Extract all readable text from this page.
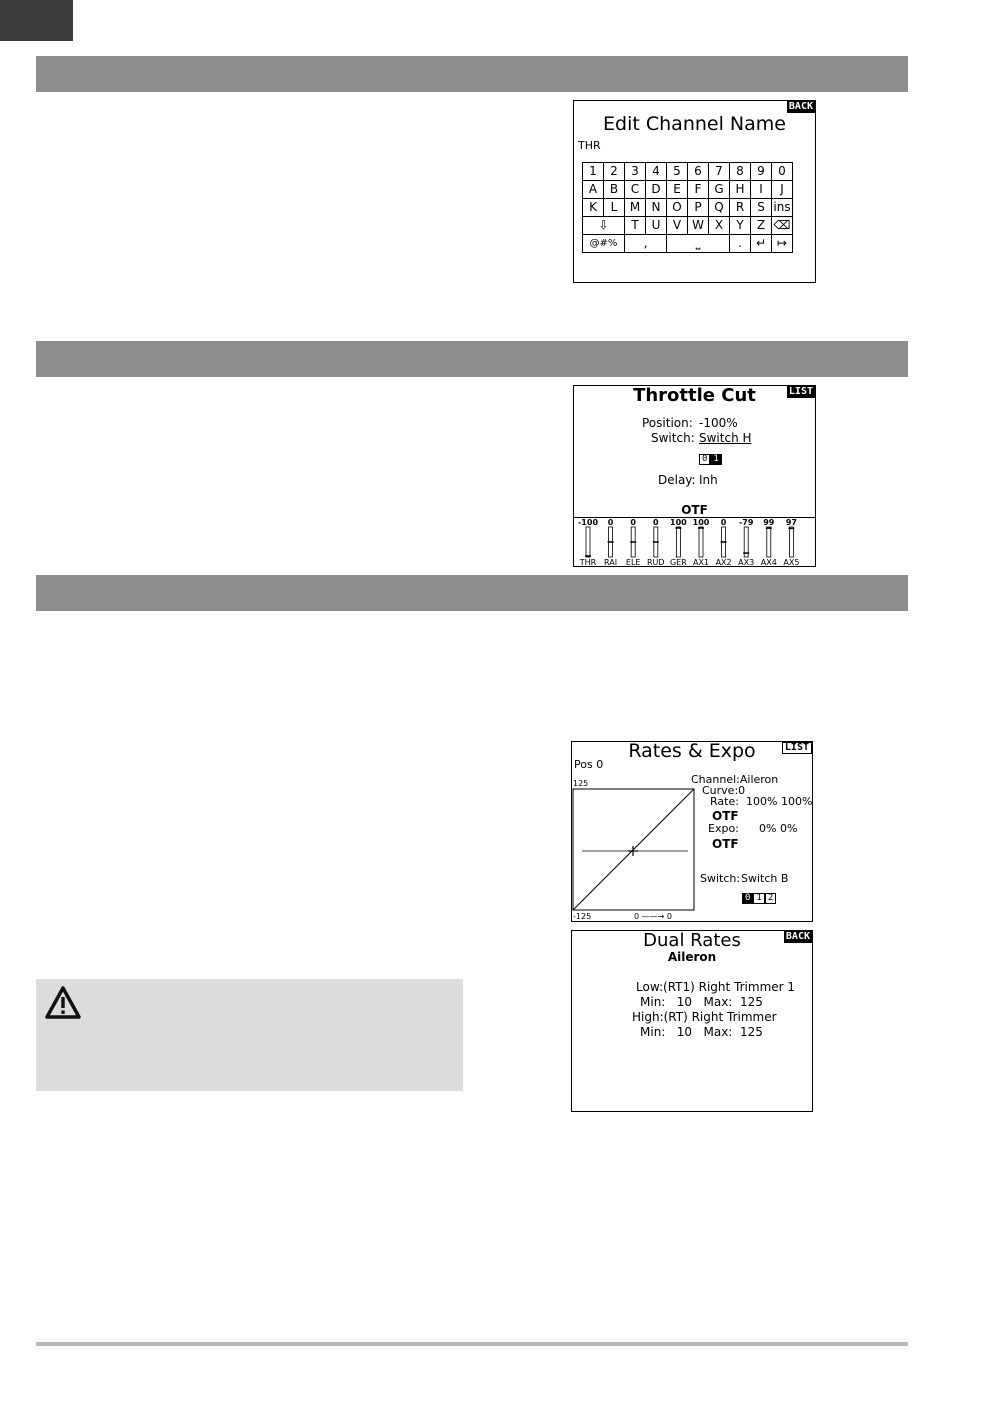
BACK
Edit Channel Name
THR
1	2	3	4	5	6	7	8	9	0
A	B	C	D	E	F	G	H	I	J
K	L	M	N	O	P	Q	R	S	ins
⇩		T	U	V	W	X	Y	Z	⌫
@#%		,		⎵			.	↵	↦
LIST
Throttle Cut
Position: -100%
Switch: Switch H
0 1
Delay: Inh
OTF
-100
THR
0
RAI
0
ELE
0
RUD
100
GER
100
AX1
0
AX2
-79
AX3
99
AX4
97
AX5
LIST
Rates & Expo
Pos 0
125
-125	0 ——→ 0
Channel:Aileron
Curve:0
Rate: 100% 100%
OTF
Expo: 0% 0%
OTF
Switch: Switch B
0 1 2
BACK
Dual Rates
Aileron
Low:(RT1) Right Trimmer 1
Min:   10   Max:  125
High:(RT) Right Trimmer
Min:   10   Max:  125
